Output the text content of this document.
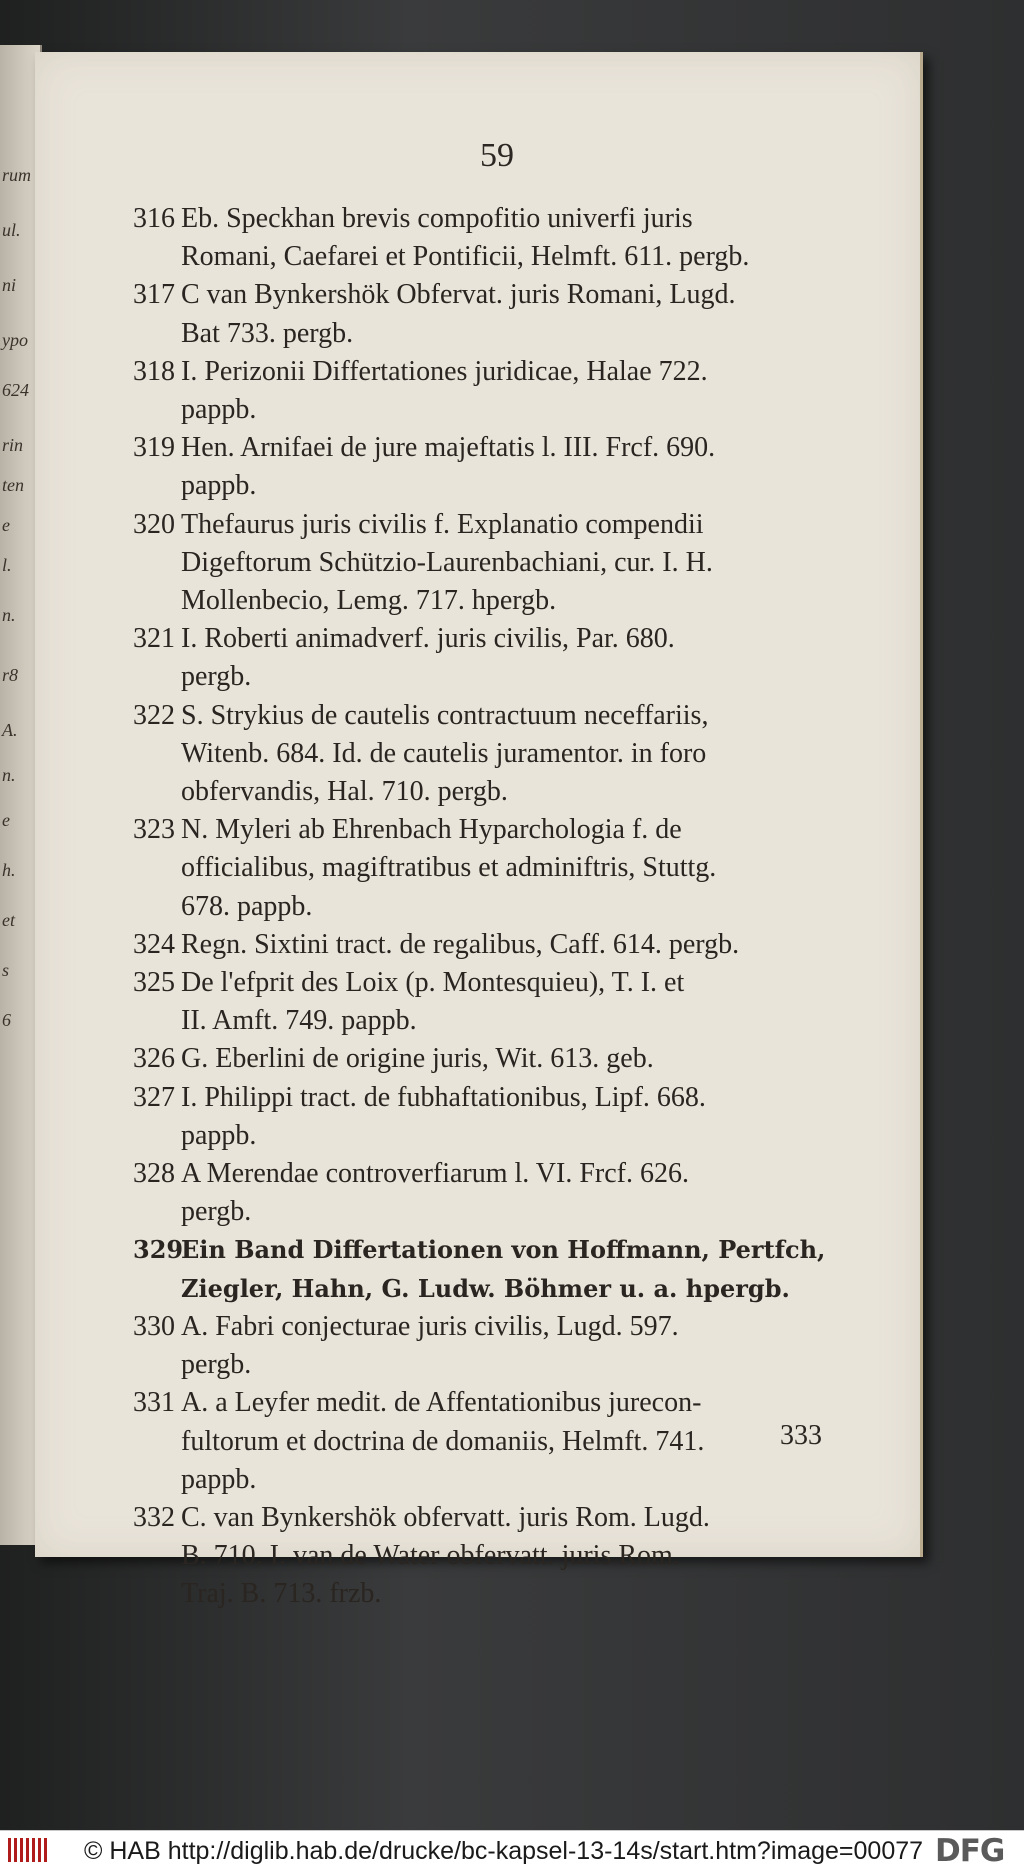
rum
ul.
ni
ypo
624
rin
ten
e
l.
n.
r8
A.
n.
e
h.
et
s
6
59
316 Eb. Speckhan brevis compofitio univerfi juris
Romani, Caefarei et Pontificii, Helmft. 611. pergb.
317 C van Bynkershök Obfervat. juris Romani, Lugd.
Bat 733. pergb.
318 I. Perizonii Differtationes juridicae, Halae 722.
pappb.
319 Hen. Arnifaei de jure majeftatis l. III. Frcf. 690.
pappb.
320 Thefaurus juris civilis f. Explanatio compendii
Digeftorum Schützio-Laurenbachiani, cur. I. H.
Mollenbecio, Lemg. 717. hpergb.
321 I. Roberti animadverf. juris civilis, Par. 680.
pergb.
322 S. Strykius de cautelis contractuum neceffariis,
Witenb. 684. Id. de cautelis juramentor. in foro
obfervandis, Hal. 710. pergb.
323 N. Myleri ab Ehrenbach Hyparchologia f. de
officialibus, magiftratibus et adminiftris, Stuttg.
678. pappb.
324 Regn. Sixtini tract. de regalibus, Caff. 614. pergb.
325 De l'efprit des Loix (p. Montesquieu), T. I. et
II. Amft. 749. pappb.
326 G. Eberlini de origine juris, Wit. 613. geb.
327 I. Philippi tract. de fubhaftationibus, Lipf. 668.
pappb.
328 A Merendae controverfiarum l. VI. Frcf. 626.
pergb.
329
Ein Band Differtationen von Hoffmann, Pertfch,
Ziegler, Hahn, G. Ludw. Böhmer u. a. hpergb.
330 A. Fabri conjecturae juris civilis, Lugd. 597.
pergb.
331 A. a Leyfer medit. de Affentationibus jurecon-
fultorum et doctrina de domaniis, Helmft. 741.
pappb.
332 C. van Bynkershök obfervatt. juris Rom. Lugd.
B. 710. I. van de Water obfervatt. juris Rom.
Traj. B. 713. frzb.
333
© HAB http://diglib.hab.de/drucke/bc-kapsel-13-14s/start.htm?image=00077 DFG
